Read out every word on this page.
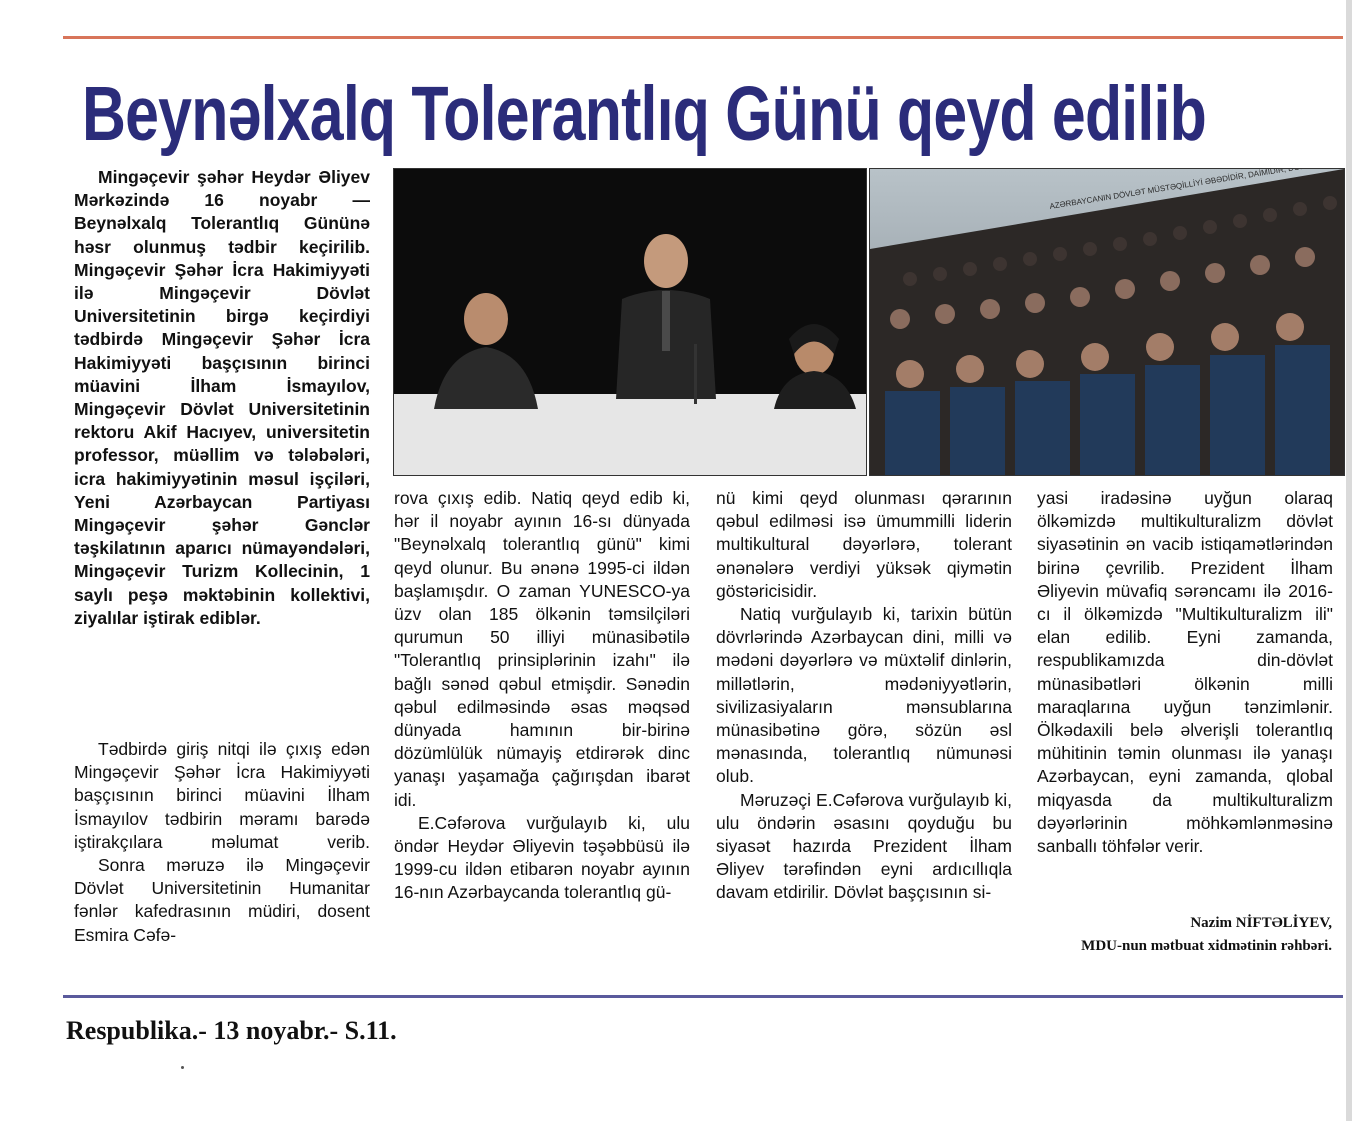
Beynəlxalq Tolerantlıq Günü qeyd edilib

Mingəçevir şəhər Heydər Əliyev Mərkəzində 16 noyabr — Beynəlxalq Tolerantlıq Gününə həsr olunmuş tədbir keçirilib. Mingəçevir Şəhər İcra Hakimiyyəti ilə Mingəçevir Dövlət Universitetinin birgə keçirdiyi tədbirdə Mingəçevir Şəhər İcra Hakimiyyəti başçısının birinci müavini İlham İsmayılov, Mingəçevir Dövlət Universitetinin rektoru Akif Hacıyev, universitetin professor, müəllim və tələbələri, icra hakimiyyətinin məsul işçiləri, Yeni Azərbaycan Partiyası Mingəçevir şəhər Gənclər təşkilatının aparıcı nümayəndələri, Mingəçevir Turizm Kollecinin, 1 saylı peşə məktəbinin kollektivi, ziyalılar iştirak ediblər.

Tədbirdə giriş nitqi ilə çıxış edən Mingəçevir Şəhər İcra Hakimiyyəti başçısının birinci müavini İlham İsmayılov tədbirin məramı barədə iştirakçılara məlumat verib.

Sonra məruzə ilə Mingəçevir Dövlət Universitetinin Humanitar fənlər kafedrasının müdiri, dosent Esmira Cəfə-

rova çıxış edib. Natiq qeyd edib ki, hər il noyabr ayının 16-sı dünyada "Beynəlxalq tolerantlıq günü" kimi qeyd olunur. Bu ənənə 1995-ci ildən başlamışdır. O zaman YUNESCO-ya üzv olan 185 ölkənin təmsilçiləri qurumun 50 illiyi münasibətilə "Tolerantlıq prinsiplərinin izahı" ilə bağlı sənəd qəbul etmişdir. Sənədin qəbul edilməsində əsas məqsəd dünyada hamının bir-birinə dözümlülük nümayiş etdirərək dinc yanaşı yaşamağa çağırışdan ibarət idi.

E.Cəfərova vurğulayıb ki, ulu öndər Heydər Əliyevin təşəbbüsü ilə 1999-cu ildən etibarən noyabr ayının 16-nın Azərbaycanda tolerantlıq gü-

nü kimi qeyd olunması qərarının qəbul edilməsi isə ümummilli liderin multikultural dəyərlərə, tolerant ənənələrə verdiyi yüksək qiymətin göstəricisidir.

Natiq vurğulayıb ki, tarixin bütün dövrlərində Azərbaycan dini, milli və mədəni dəyərlərə və müxtəlif dinlərin, millətlərin, mədəniyyətlərin, sivilizasiyaların mənsublarına münasibətinə görə, sözün əsl mənasında, tolerantlıq nümunəsi olub.

Məruzəçi E.Cəfərova vurğulayıb ki, ulu öndərin əsasını qoyduğu bu siyasət hazırda Prezident İlham Əliyev tərəfindən eyni ardıcıllıqla davam etdirilir. Dövlət başçısının si-

yasi iradəsinə uyğun olaraq ölkəmizdə multikulturalizm dövlət siyasətinin ən vacib istiqamətlərindən birinə çevrilib. Prezident İlham Əliyevin müvafiq sərəncamı ilə 2016-cı il ölkəmizdə "Multikulturalizm ili" elan edilib. Eyni zamanda, respublikamızda din-dövlət münasibətləri ölkənin milli maraqlarına uyğun tənzimlənir. Ölkədaxili belə əlverişli tolerantlıq mühitinin təmin olunması ilə yanaşı Azərbaycan, eyni zamanda, qlobal miqyasda da multikulturalizm dəyərlərinin möhkəmlənməsinə sanballı töhfələr verir.

Nazim NİFTƏLİYEV,
MDU-nun mətbuat xidmətinin rəhbəri.
Respublika.- 13 noyabr.- S.11.
